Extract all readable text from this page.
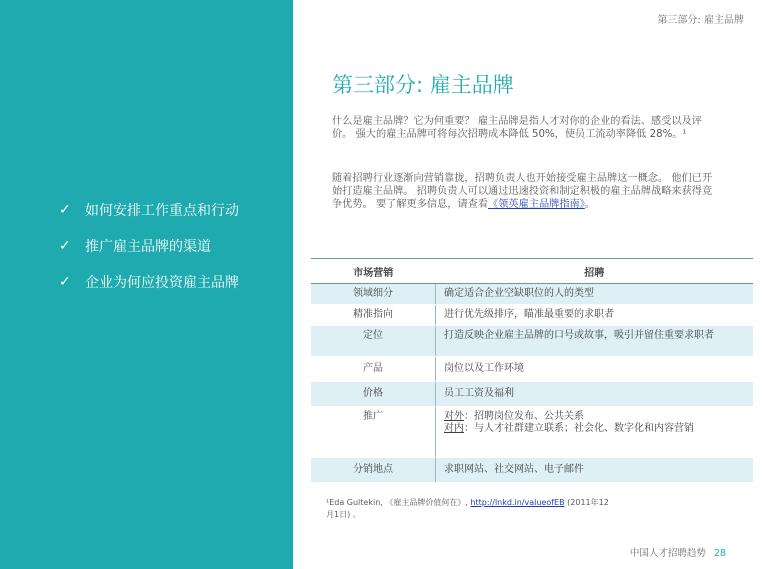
✓	如何安排工作重点和行动
✓	推广雇主品牌的渠道
✓	企业为何应投资雇主品牌
第三部分: 雇主品牌
第三部分: 雇主品牌

什么是雇主品牌？它为何重要？ 雇主品牌是指人才对你的企业的看法、感受以及评价。 强大的雇主品牌可将每次招聘成本降低 50%，使员工流动率降低 28%。¹

随着招聘行业逐渐向营销靠拢，招聘负责人也开始接受雇主品牌这一概念。 他们已开始打造雇主品牌。 招聘负责人可以通过迅速投资和制定积极的雇主品牌战略来获得竞争优势。 要了解更多信息，请查看《领英雇主品牌指南》。

市场营销	招聘
领域细分	确定适合企业空缺职位的人的类型
精准指向	进行优先级排序，瞄准最重要的求职者
定位	打造反映企业雇主品牌的口号或故事，吸引并留住重要求职者
产品	岗位以及工作环境
价格	员工工资及福利
推广	对外：招聘岗位发布、公共关系
对内：与人才社群建立联系；社会化、数字化和内容营销
分销地点	求职网站、社交网站、电子邮件

¹Eda Gultekin, 《雇主品牌价值何在》, http://lnkd.in/valueofEB (2011年12月1日) 。

中国人才招聘趋势 28
